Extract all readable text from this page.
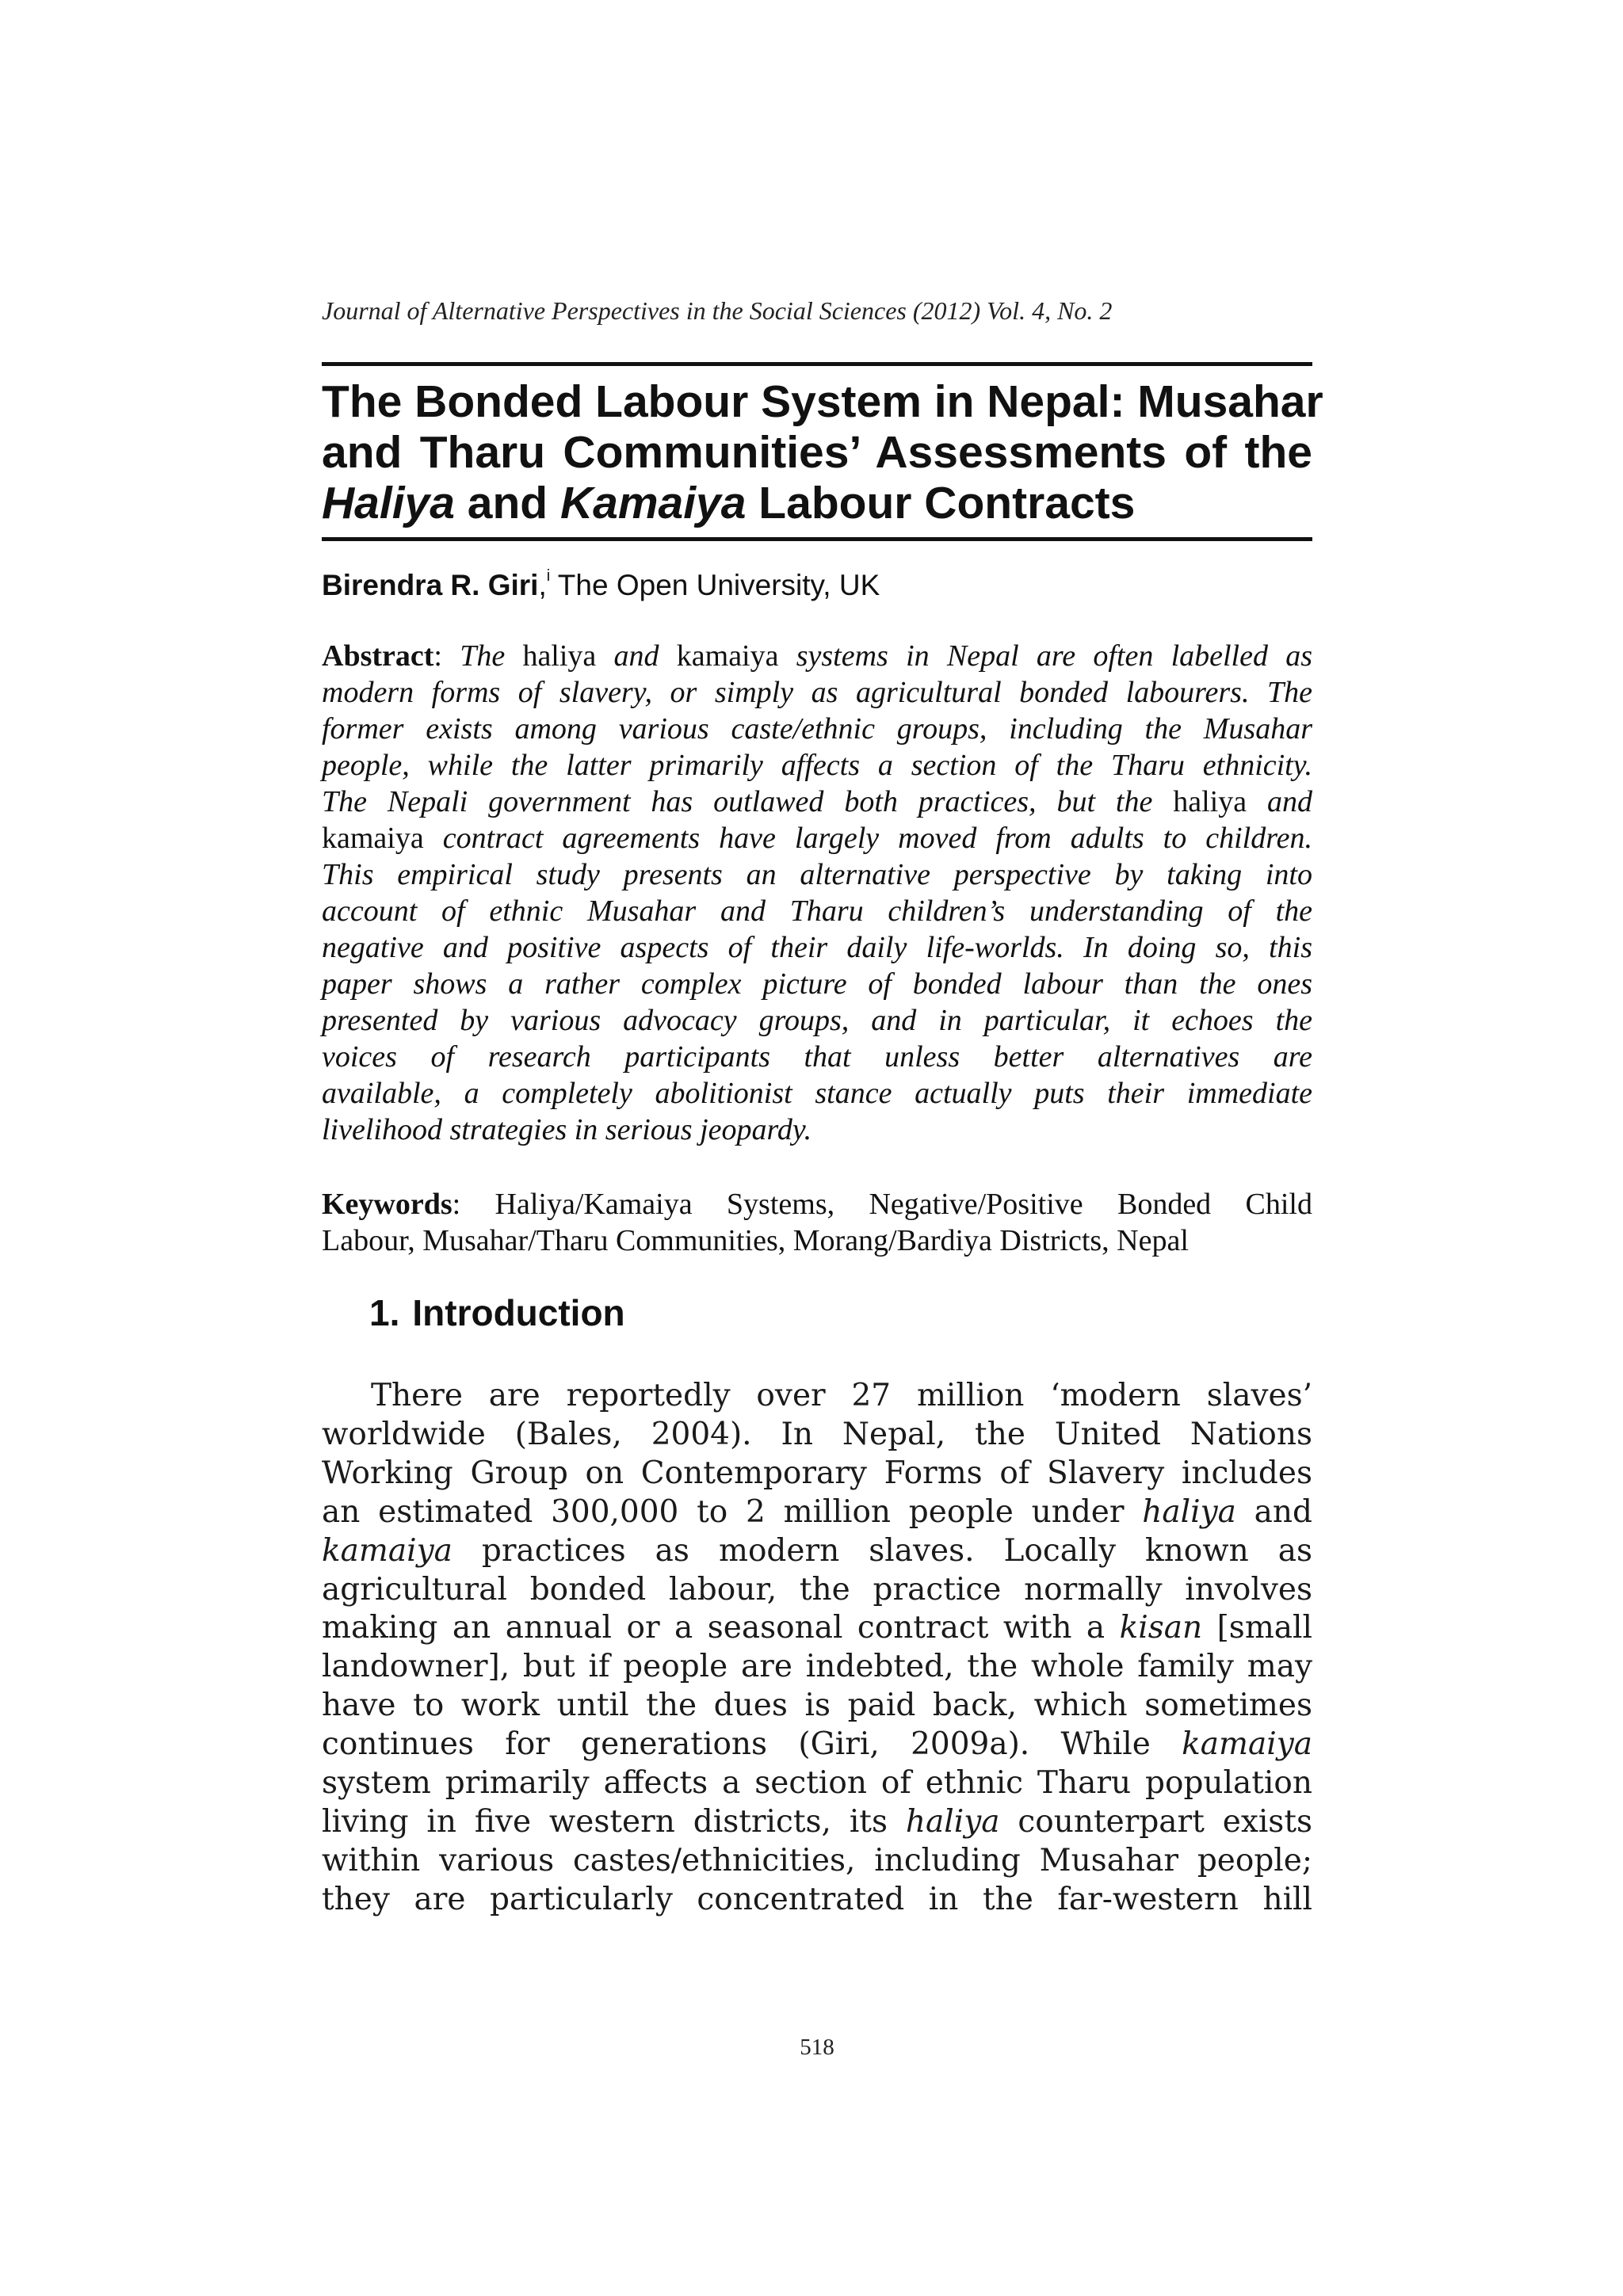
Journal of Alternative Perspectives in the Social Sciences (2012) Vol. 4, No. 2
The Bonded Labour System in Nepal: Musahar
and Tharu Communities’ Assessments of the
Haliya and Kamaiya Labour Contracts
Birendra R. Giri,$^i$ The Open University, UK

Abstract: The haliya and kamaiya systems in Nepal are often labelled as
modern forms of slavery, or simply as agricultural bonded labourers. The
former exists among various caste/ethnic groups, including the Musahar
people, while the latter primarily affects a section of the Tharu ethnicity.
The Nepali government has outlawed both practices, but the haliya and
kamaiya contract agreements have largely moved from adults to children.
This empirical study presents an alternative perspective by taking into
account of ethnic Musahar and Tharu children’s understanding of the
negative and positive aspects of their daily life-worlds. In doing so, this
paper shows a rather complex picture of bonded labour than the ones
presented by various advocacy groups, and in particular, it echoes the
voices of research participants that unless better alternatives are
available, a completely abolitionist stance actually puts their immediate
livelihood strategies in serious jeopardy.

Keywords: Haliya/Kamaiya Systems, Negative/Positive Bonded Child
Labour, Musahar/Tharu Communities, Morang/Bardiya Districts, Nepal

1. Introduction

There are reportedly over 27 million ‘modern slaves’
worldwide (Bales, 2004). In Nepal, the United Nations
Working Group on Contemporary Forms of Slavery includes
an estimated 300,000 to 2 million people under haliya and
kamaiya practices as modern slaves. Locally known as
agricultural bonded labour, the practice normally involves
making an annual or a seasonal contract with a kisan [small
landowner], but if people are indebted, the whole family may
have to work until the dues is paid back, which sometimes
continues for generations (Giri, 2009a). While kamaiya
system primarily affects a section of ethnic Tharu population
living in five western districts, its haliya counterpart exists
within various castes/ethnicities, including Musahar people;
they are particularly concentrated in the far-western hill

518
